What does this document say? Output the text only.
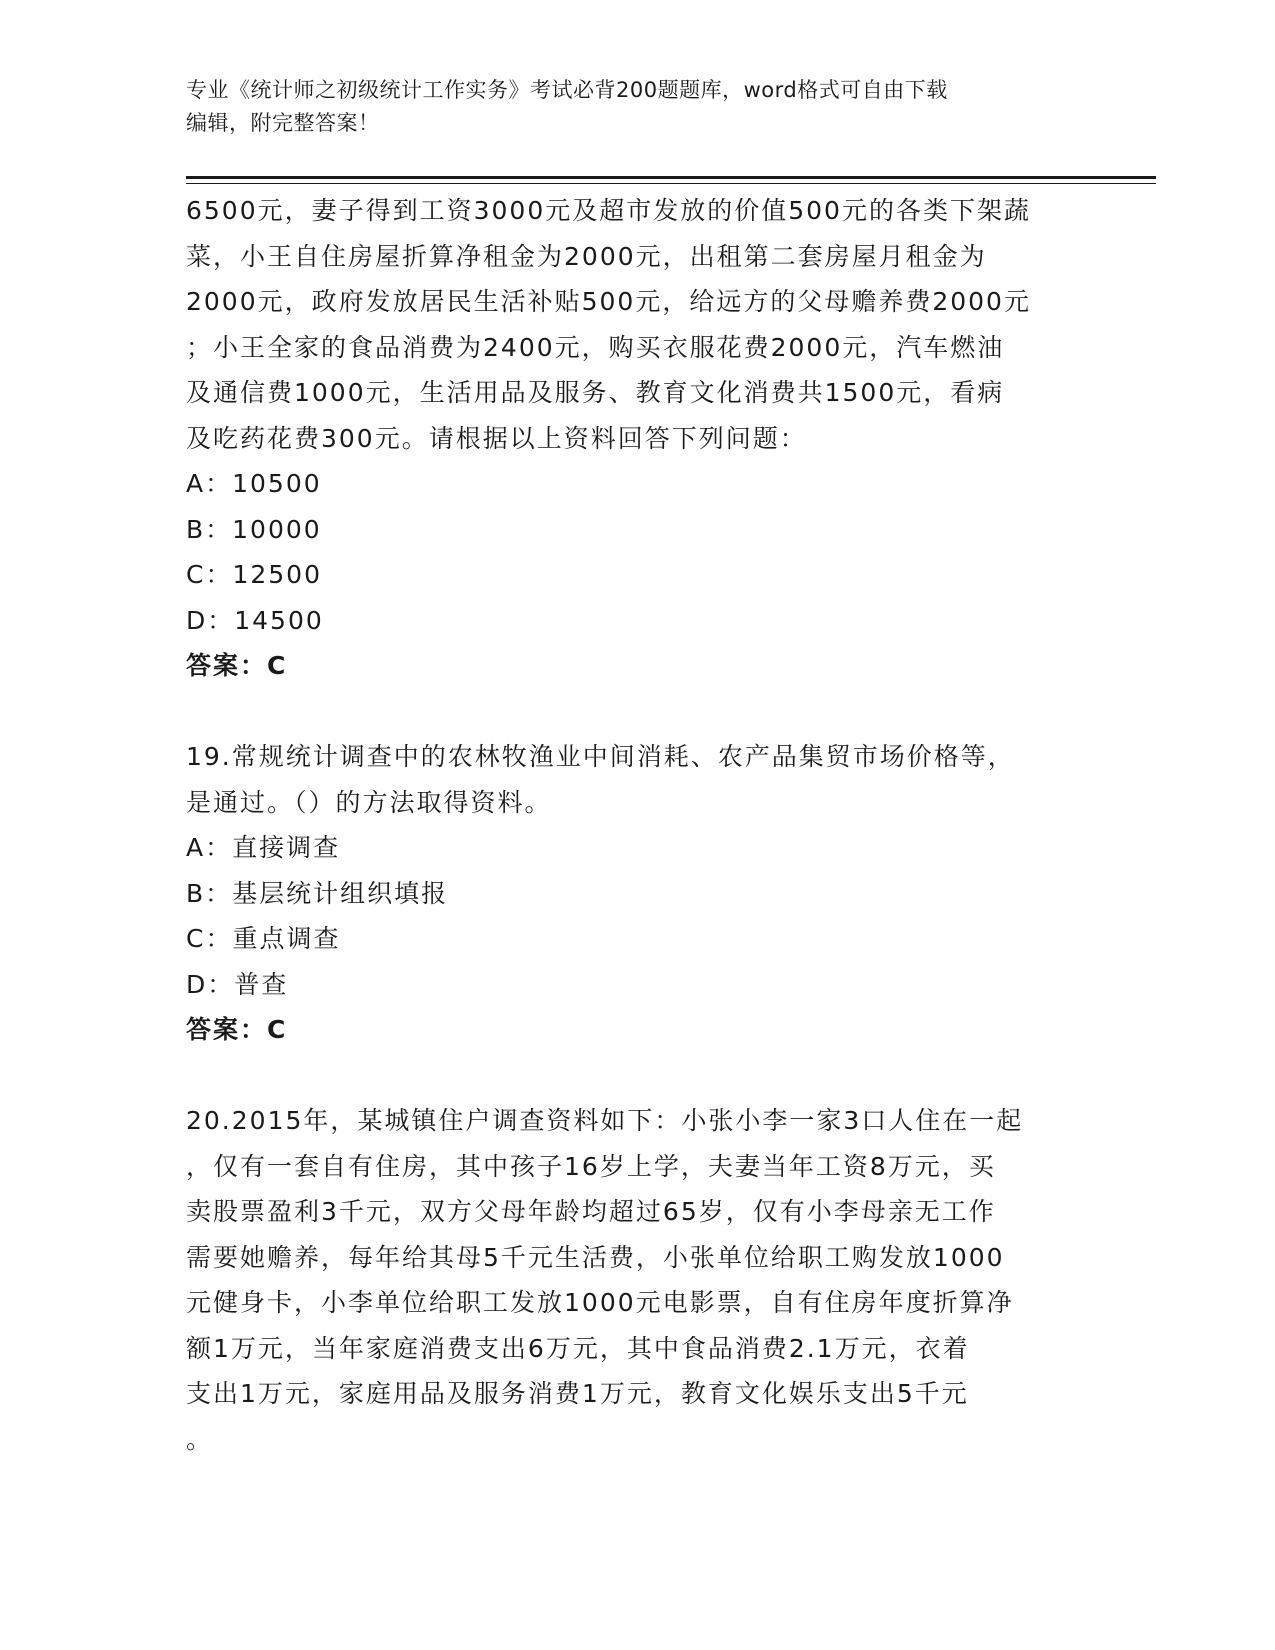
专业《统计师之初级统计工作实务》考试必背200题题库，word格式可自由下载
编辑，附完整答案！
6500元，妻子得到工资3000元及超市发放的价值500元的各类下架蔬
菜，小王自住房屋折算净租金为2000元，出租第二套房屋月租金为
2000元，政府发放居民生活补贴500元，给远方的父母赡养费2000元
；小王全家的食品消费为2400元，购买衣服花费2000元，汽车燃油
及通信费1000元，生活用品及服务、教育文化消费共1500元，看病
及吃药花费300元。请根据以上资料回答下列问题：
A：10500
B：10000
C：12500
D：14500
答案：C
19.常规统计调查中的农林牧渔业中间消耗、农产品集贸市场价格等，
是通过。（）的方法取得资料。
A：直接调查
B：基层统计组织填报
C：重点调查
D：普查
答案：C
20.2015年，某城镇住户调查资料如下：小张小李一家3口人住在一起
，仅有一套自有住房，其中孩子16岁上学，夫妻当年工资8万元，买
卖股票盈利3千元，双方父母年龄均超过65岁，仅有小李母亲无工作
需要她赡养，每年给其母5千元生活费，小张单位给职工购发放1000
元健身卡，小李单位给职工发放1000元电影票，自有住房年度折算净
额1万元，当年家庭消费支出6万元，其中食品消费2.1万元，衣着
支出1万元，家庭用品及服务消费1万元，教育文化娱乐支出5千元
。
